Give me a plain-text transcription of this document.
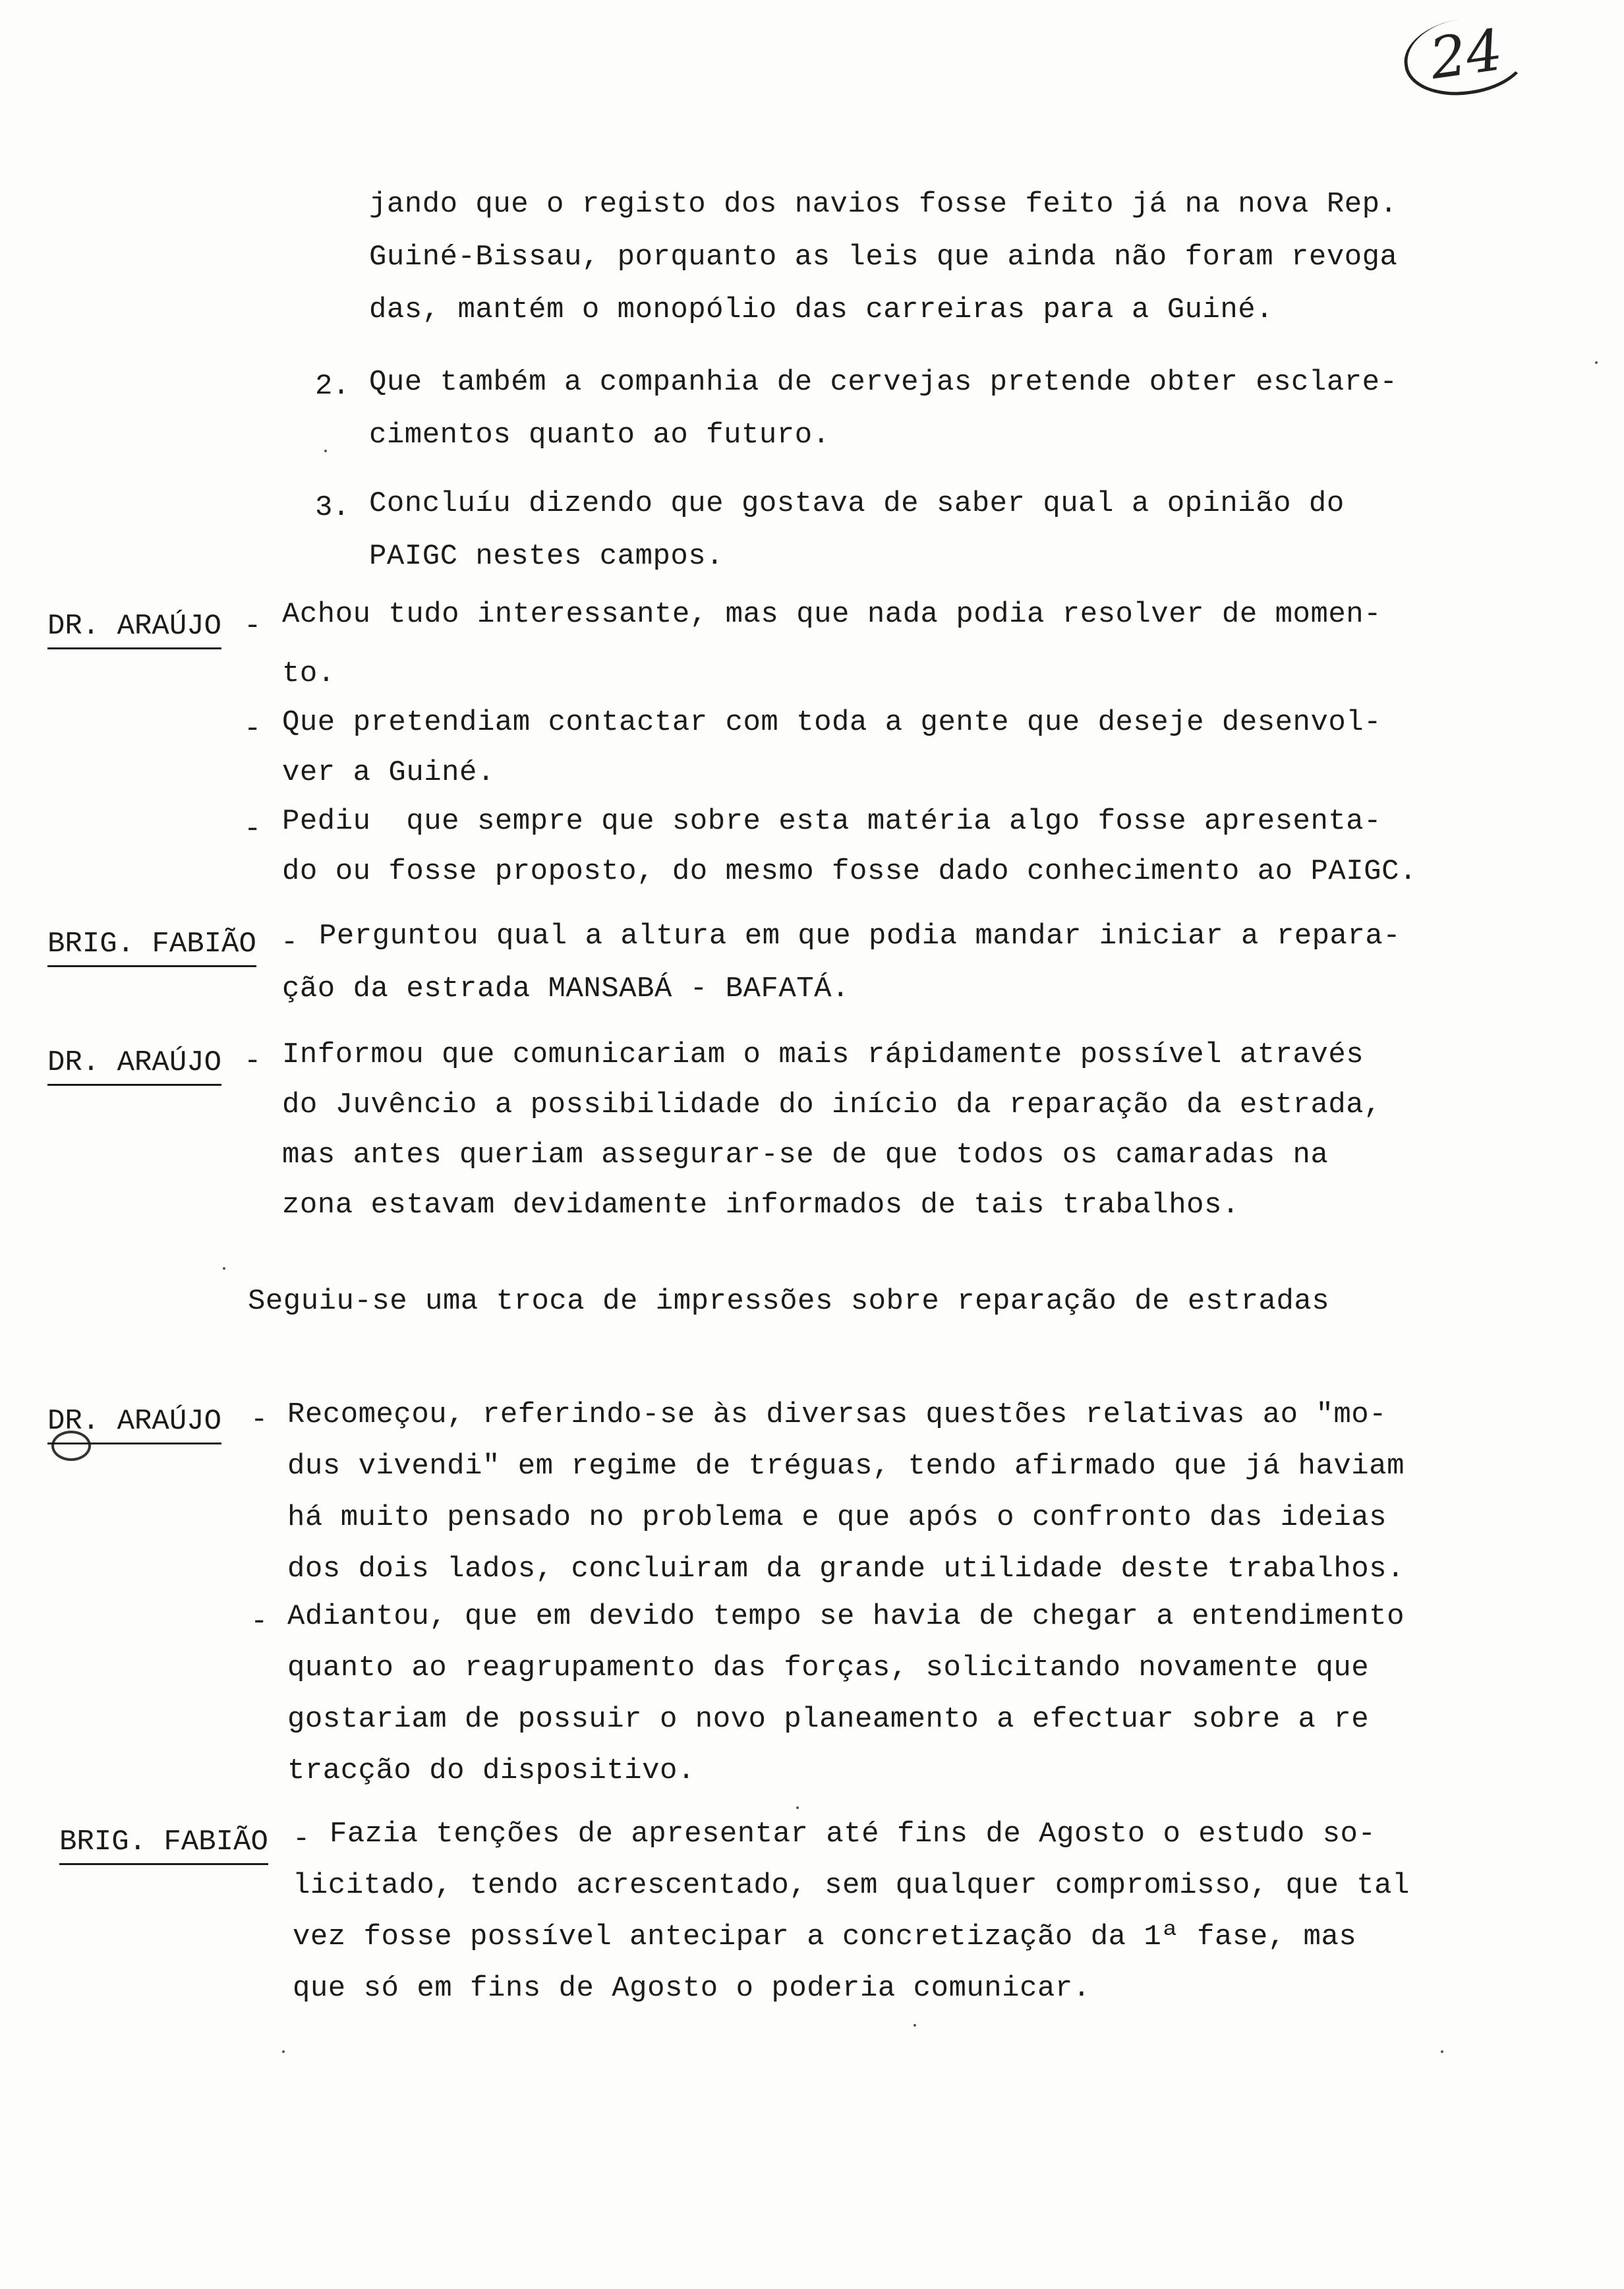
24
jando que o registo dos navios fosse feito já na nova Rep.
Guiné-Bissau, porquanto as leis que ainda não foram revoga
das, mantém o monopólio das carreiras para a Guiné.
2. Que também a companhia de cervejas pretende obter esclare-
cimentos quanto ao futuro.
3. Concluíu dizendo que gostava de saber qual a opinião do
PAIGC nestes campos.
DR. ARAÚJO - Achou tudo interessante, mas que nada podia resolver de momen-
to.
- Que pretendiam contactar com toda a gente que deseje desenvol-
ver a Guiné.
- Pediu  que sempre que sobre esta matéria algo fosse apresenta-
do ou fosse proposto, do mesmo fosse dado conhecimento ao PAIGC.
BRIG. FABIÃO - Perguntou qual a altura em que podia mandar iniciar a repara-
ção da estrada MANSABÁ - BAFATÁ.
DR. ARAÚJO - Informou que comunicariam o mais rápidamente possível através
do Juvêncio a possibilidade do início da reparação da estrada,
mas antes queriam assegurar-se de que todos os camaradas na
zona estavam devidamente informados de tais trabalhos.
Seguiu-se uma troca de impressões sobre reparação de estradas
DR. ARAÚJO - Recomeçou, referindo-se às diversas questões relativas ao "mo-
dus vivendi" em regime de tréguas, tendo afirmado que já haviam
há muito pensado no problema e que após o confronto das ideias
dos dois lados, concluiram da grande utilidade deste trabalhos.
- Adiantou, que em devido tempo se havia de chegar a entendimento
quanto ao reagrupamento das forças, solicitando novamente que
gostariam de possuir o novo planeamento a efectuar sobre a re
tracção do dispositivo.
BRIG. FABIÃO - Fazia tenções de apresentar até fins de Agosto o estudo so-
licitado, tendo acrescentado, sem qualquer compromisso, que tal
vez fosse possível antecipar a concretização da 1ª fase, mas
que só em fins de Agosto o poderia comunicar.
